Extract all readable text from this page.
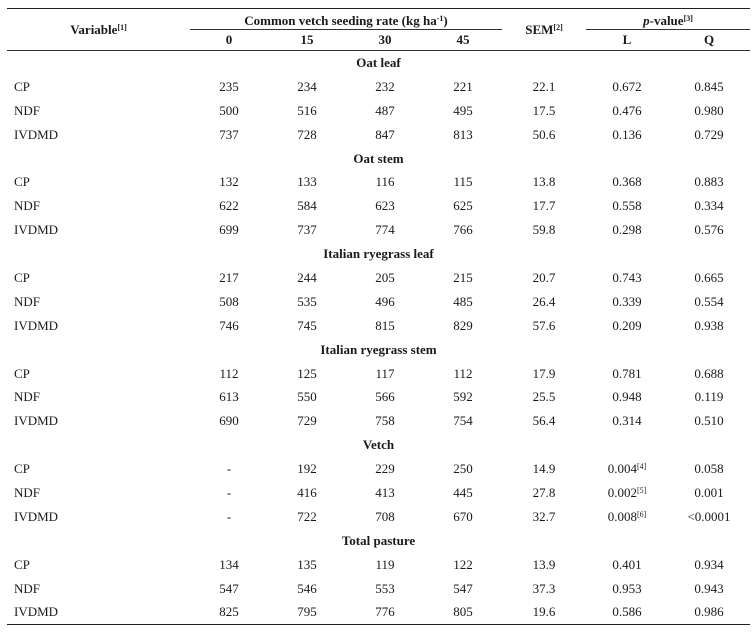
Variable[1]	Common vetch seeding rate (kg $ha^{-1}$)				SEM[2]	p-value[3]
	0	15	30	45		L	Q
Oat leaf							
CP	235	234	232	221	22.1	0.672	0.845
NDF	500	516	487	495	17.5	0.476	0.980
IVDMD	737	728	847	813	50.6	0.136	0.729
Oat stem							
CP	132	133	116	115	13.8	0.368	0.883
NDF	622	584	623	625	17.7	0.558	0.334
IVDMD	699	737	774	766	59.8	0.298	0.576
Italian ryegrass leaf							
CP	217	244	205	215	20.7	0.743	0.665
NDF	508	535	496	485	26.4	0.339	0.554
IVDMD	746	745	815	829	57.6	0.209	0.938
Italian ryegrass stem							
CP	112	125	117	112	17.9	0.781	0.688
NDF	613	550	566	592	25.5	0.948	0.119
IVDMD	690	729	758	754	56.4	0.314	0.510
Vetch							
CP	-	192	229	250	14.9	0.004[4]	0.058
NDF	-	416	413	445	27.8	0.002[5]	0.001
IVDMD	-	722	708	670	32.7	0.008[6]	<0.0001
Total pasture							
CP	134	135	119	122	13.9	0.401	0.934
NDF	547	546	553	547	37.3	0.953	0.943
IVDMD	825	795	776	805	19.6	0.586	0.986
